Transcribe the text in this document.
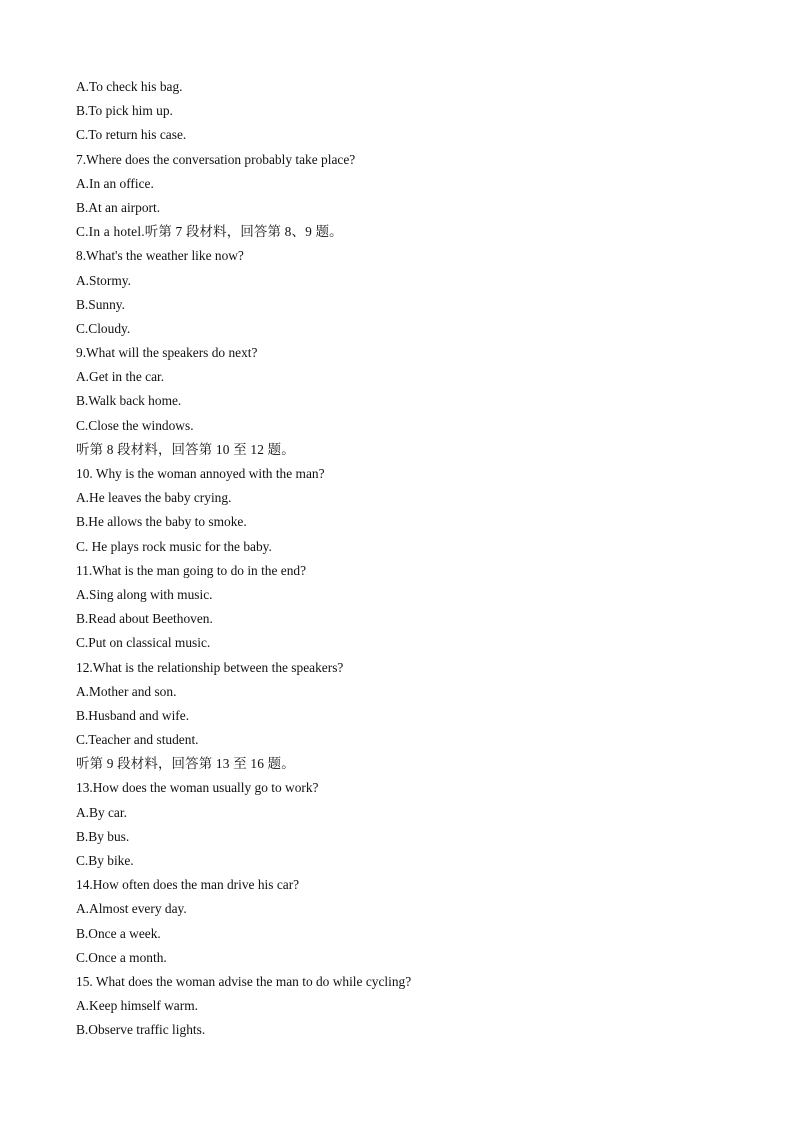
A.To check his bag.
B.To pick him up.
C.To return his case.
7.Where does the conversation probably take place?
A.In an office.
B.At an airport.
C.In a hotel.听第 7 段材料，回答第 8、9 题。
8.What's the weather like now?
A.Stormy.
B.Sunny.
C.Cloudy.
9.What will the speakers do next?
A.Get in the car.
B.Walk back home.
C.Close the windows.
听第 8 段材料，回答第 10 至 12 题。
10. Why is the woman annoyed with the man?
A.He leaves the baby crying.
B.He allows the baby to smoke.
C. He plays rock music for the baby.
11.What is the man going to do in the end?
A.Sing along with music.
B.Read about Beethoven.
C.Put on classical music.
12.What is the relationship between the speakers?
A.Mother and son.
B.Husband and wife.
C.Teacher and student.
听第 9 段材料，回答第 13 至 16 题。
13.How does the woman usually go to work?
A.By car.
B.By bus.
C.By bike.
14.How often does the man drive his car?
A.Almost every day.
B.Once a week.
C.Once a month.
15. What does the woman advise the man to do while cycling?
A.Keep himself warm.
B.Observe traffic lights.
